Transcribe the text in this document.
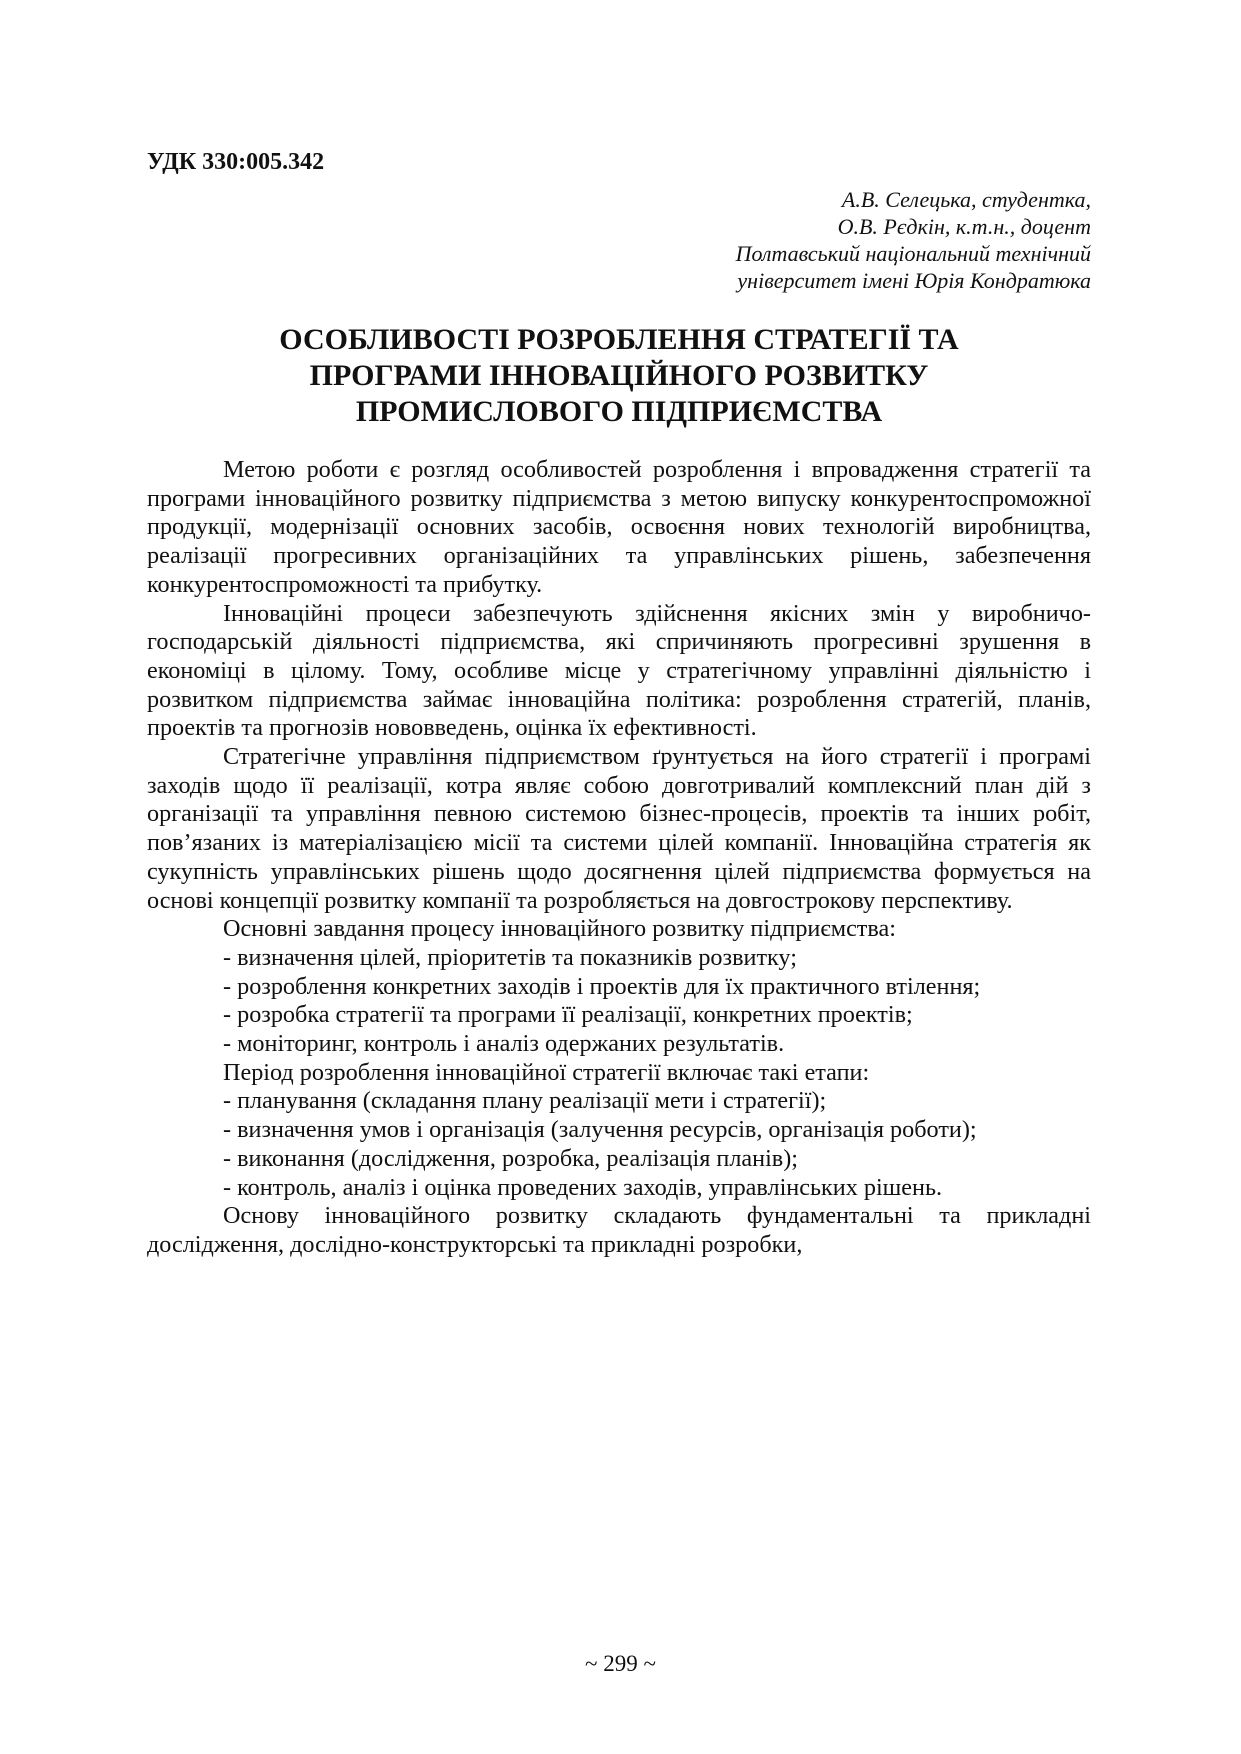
УДК 330:005.342
А.В. Селецька, студентка,
О.В. Рєдкін, к.т.н., доцент
Полтавський національний технічний
університет імені Юрія Кондратюка
ОСОБЛИВОСТІ РОЗРОБЛЕННЯ СТРАТЕГІЇ ТА
ПРОГРАМИ ІННОВАЦІЙНОГО РОЗВИТКУ
ПРОМИСЛОВОГО ПІДПРИЄМСТВА

Метою роботи є розгляд особливостей розроблення і впровадження стратегії та програми інноваційного розвитку підприємства з метою випуску конкурентоспроможної продукції, модернізації основних засобів, освоєння нових технологій виробництва, реалізації прогресивних організаційних та управлінських рішень, забезпечення конкурентоспроможності та прибутку.

Інноваційні процеси забезпечують здійснення якісних змін у виробничо-господарській діяльності підприємства, які спричиняють прогресивні зрушення в економіці в цілому. Тому, особливе місце у стратегічному управлінні діяльністю і розвитком підприємства займає інноваційна політика: розроблення стратегій, планів, проектів та прогнозів нововведень, оцінка їх ефективності.

Стратегічне управління підприємством ґрунтується на його стратегії і програмі заходів щодо її реалізації, котра являє собою довготривалий комплексний план дій з організації та управління певною системою бізнес-процесів, проектів та інших робіт, пов’язаних із матеріалізацією місії та системи цілей компанії. Інноваційна стратегія як сукупність управлінських рішень щодо досягнення цілей підприємства формується на основі концепції розвитку компанії та розробляється на довгострокову перспективу.

Основні завдання процесу інноваційного розвитку підприємства:

- визначення цілей, пріоритетів та показників розвитку;

- розроблення конкретних заходів і проектів для їх практичного втілення;

- розробка стратегії та програми її реалізації, конкретних проектів;

- моніторинг, контроль і аналіз одержаних результатів.

Період розроблення інноваційної стратегії включає такі етапи:

- планування (складання плану реалізації мети і стратегії);

- визначення умов і організація (залучення ресурсів, організація роботи);

- виконання (дослідження, розробка, реалізація планів);

- контроль, аналіз і оцінка проведених заходів, управлінських рішень.

Основу інноваційного розвитку складають фундаментальні та прикладні дослідження, дослідно-конструкторські та прикладні розробки,

~ 299 ~
